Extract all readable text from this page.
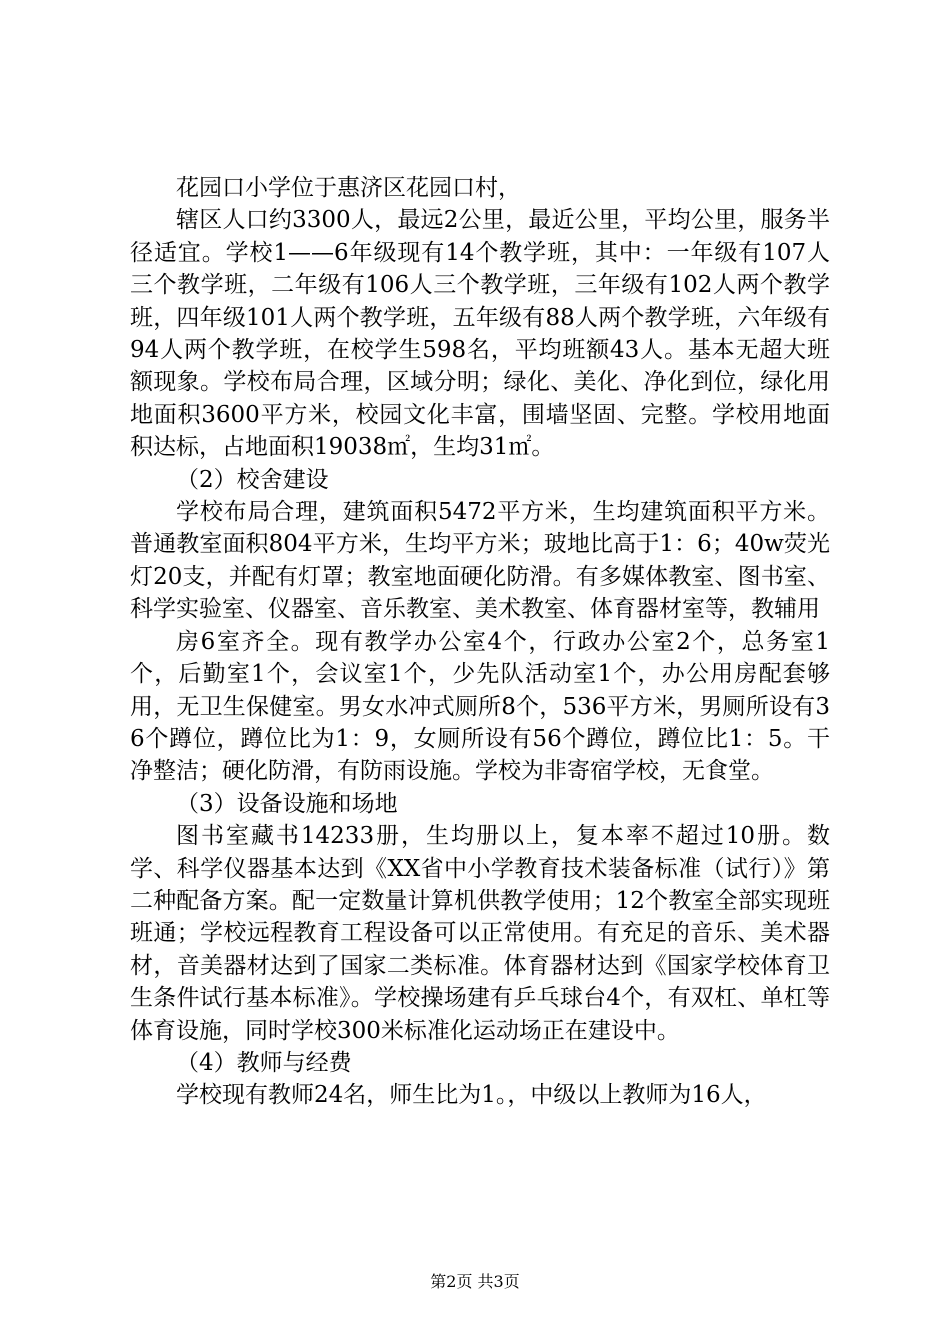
花园口小学位于惠济区花园口村，

辖区人口约3300人，最远2公里，最近公里，平均公里，服务半径适宜。学校1——6年级现有14个教学班，其中：一年级有107人三个教学班，二年级有106人三个教学班，三年级有102人两个教学班，四年级101人两个教学班，五年级有88人两个教学班，六年级有94人两个教学班，在校学生598名，平均班额43人。基本无超大班额现象。学校布局合理，区域分明；绿化、美化、净化到位，绿化用地面积3600平方米，校园文化丰富，围墙坚固、完整。学校用地面积达标，占地面积19038㎡，生均31㎡。

（2）校舍建设

学校布局合理，建筑面积5472平方米，生均建筑面积平方米。普通教室面积804平方米，生均平方米；玻地比高于1：6；40w荧光灯20支，并配有灯罩；教室地面硬化防滑。有多媒体教室、图书室、科学实验室、仪器室、音乐教室、美术教室、体育器材室等，教辅用

房6室齐全。现有教学办公室4个，行政办公室2个，总务室1个，后勤室1个，会议室1个，少先队活动室1个，办公用房配套够用，无卫生保健室。男女水冲式厕所8个，536平方米，男厕所设有36个蹲位，蹲位比为1：9，女厕所设有56个蹲位，蹲位比1：5。干净整洁；硬化防滑，有防雨设施。学校为非寄宿学校，无食堂。

（3）设备设施和场地

图书室藏书14233册，生均册以上，复本率不超过10册。数学、科学仪器基本达到《XX省中小学教育技术装备标准（试行）》第二种配备方案。配一定数量计算机供教学使用；12个教室全部实现班班通；学校远程教育工程设备可以正常使用。有充足的音乐、美术器材，音美器材达到了国家二类标准。体育器材达到《国家学校体育卫生条件试行基本标准》。学校操场建有乒乓球台4个，有双杠、单杠等体育设施，同时学校300米标准化运动场正在建设中。

（4）教师与经费

学校现有教师24名，师生比为1。，中级以上教师为16人，

第2页 共3页
